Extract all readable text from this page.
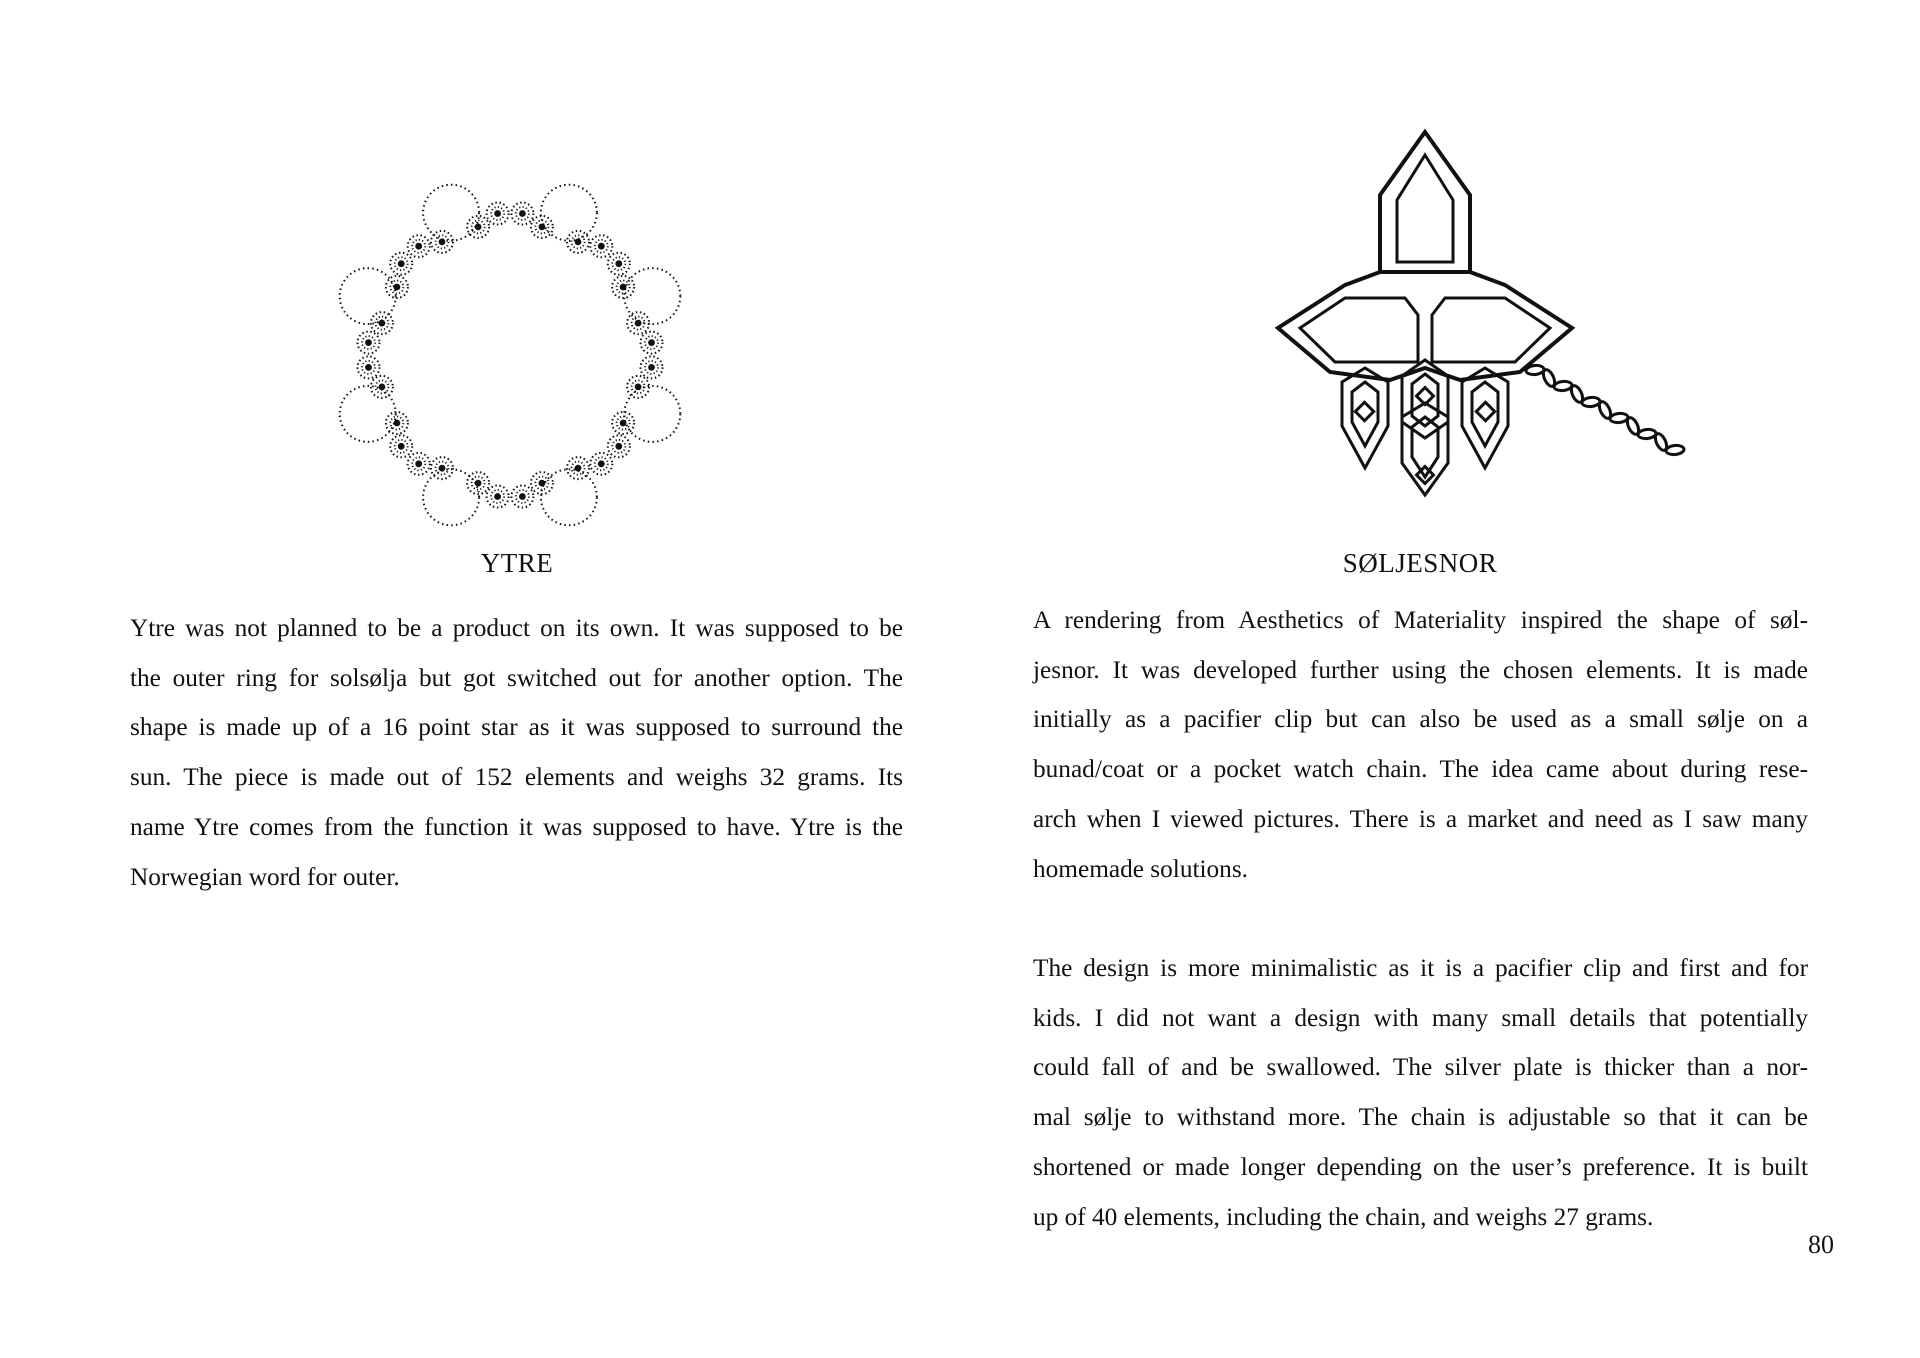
YTRE
Ytre was not planned to be a product on its own. It was supposed to be
the outer ring for solsølja but got switched out for another option. The
shape is made up of a 16 point star as it was supposed to surround the
sun. The piece is made out of 152 elements and weighs 32 grams. Its
name Ytre comes from the function it was supposed to have. Ytre is the
Norwegian word for outer.
SØLJESNOR
A rendering from Aesthetics of Materiality inspired the shape of søl-
jesnor. It was developed further using the chosen elements. It is made
initially as a pacifier clip but can also be used as a small sølje on a
bunad/coat or a pocket watch chain. The idea came about during rese-
arch when I viewed pictures. There is a market and need as I saw many
homemade solutions.
The design is more minimalistic as it is a pacifier clip and first and for
kids. I did not want a design with many small details that potentially
could fall of and be swallowed. The silver plate is thicker than a nor-
mal sølje to withstand more. The chain is adjustable so that it can be
shortened or made longer depending on the user’s preference. It is built
up of 40 elements, including the chain, and weighs 27 grams.
80
